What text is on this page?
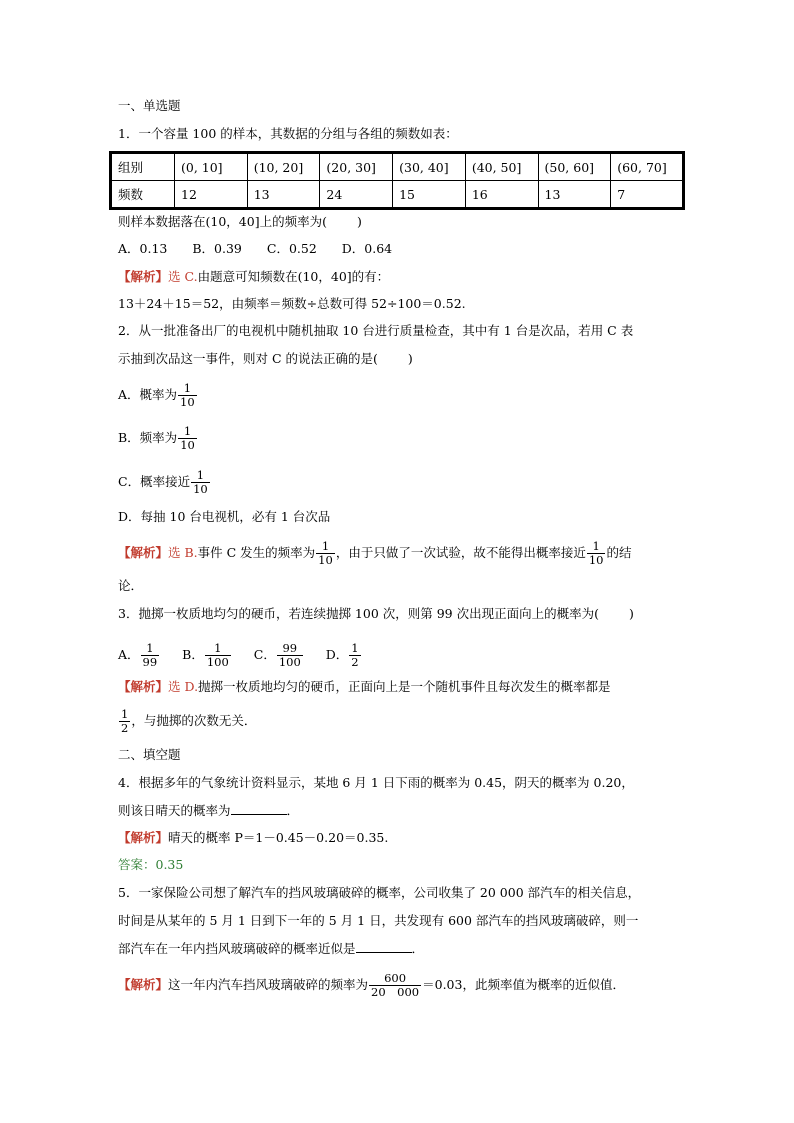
一、单选题
1．一个容量 100 的样本，其数据的分组与各组的频数如表：
组别	(0, 10]	(10, 20]	(20, 30]	(30, 40]	(40, 50]	(50, 60]	(60, 70]
频数	12	13	24	15	16	13	7
则样本数据落在(10，40]上的频率为( )
A．0.13　　B．0.39　　C．0.52　　D．0.64
【解析】选 C.由题意可知频数在(10，40]的有：
13＋24＋15＝52，由频率＝频数÷总数可得 52÷100＝0.52.
2．从一批准备出厂的电视机中随机抽取 10 台进行质量检查，其中有 1 台是次品，若用 C 表
示抽到次品这一事件，则对 C 的说法正确的是( )
A．概率为 $\frac{1}{10}$
B．频率为 $\frac{1}{10}$
C．概率接近 $\frac{1}{10}$
D．每抽 10 台电视机，必有 1 台次品
【解析】选 B.事件 C 发生的频率为 $\frac{1}{10}$ ，由于只做了一次试验，故不能得出概率接近 $\frac{1}{10}$ 的结
论．
3．抛掷一枚质地均匀的硬币，若连续抛掷 100 次，则第 99 次出现正面向上的概率为( )
A． $\frac{1}{99}$ B． $\frac{1}{100}$ C． $\frac{99}{100}$ D． $\frac{1}{2}$
【解析】选 D.抛掷一枚质地均匀的硬币，正面向上是一个随机事件且每次发生的概率都是
$\frac{1}{2}$ ，与抛掷的次数无关．
二、填空题
4．根据多年的气象统计资料显示，某地 6 月 1 日下雨的概率为 0.45，阴天的概率为 0.20，
则该日晴天的概率为	．
【解析】晴天的概率 P＝1－0.45－0.20＝0.35.
答案：0.35
5．一家保险公司想了解汽车的挡风玻璃破碎的概率，公司收集了 20 000 部汽车的相关信息，
时间是从某年的 5 月 1 日到下一年的 5 月 1 日，共发现有 600 部汽车的挡风玻璃破碎，则一
部汽车在一年内挡风玻璃破碎的概率近似是	．
【解析】这一年内汽车挡风玻璃破碎的频率为 $\frac{600}{20 000} =0.03$，此频率值为概率的近似值．
